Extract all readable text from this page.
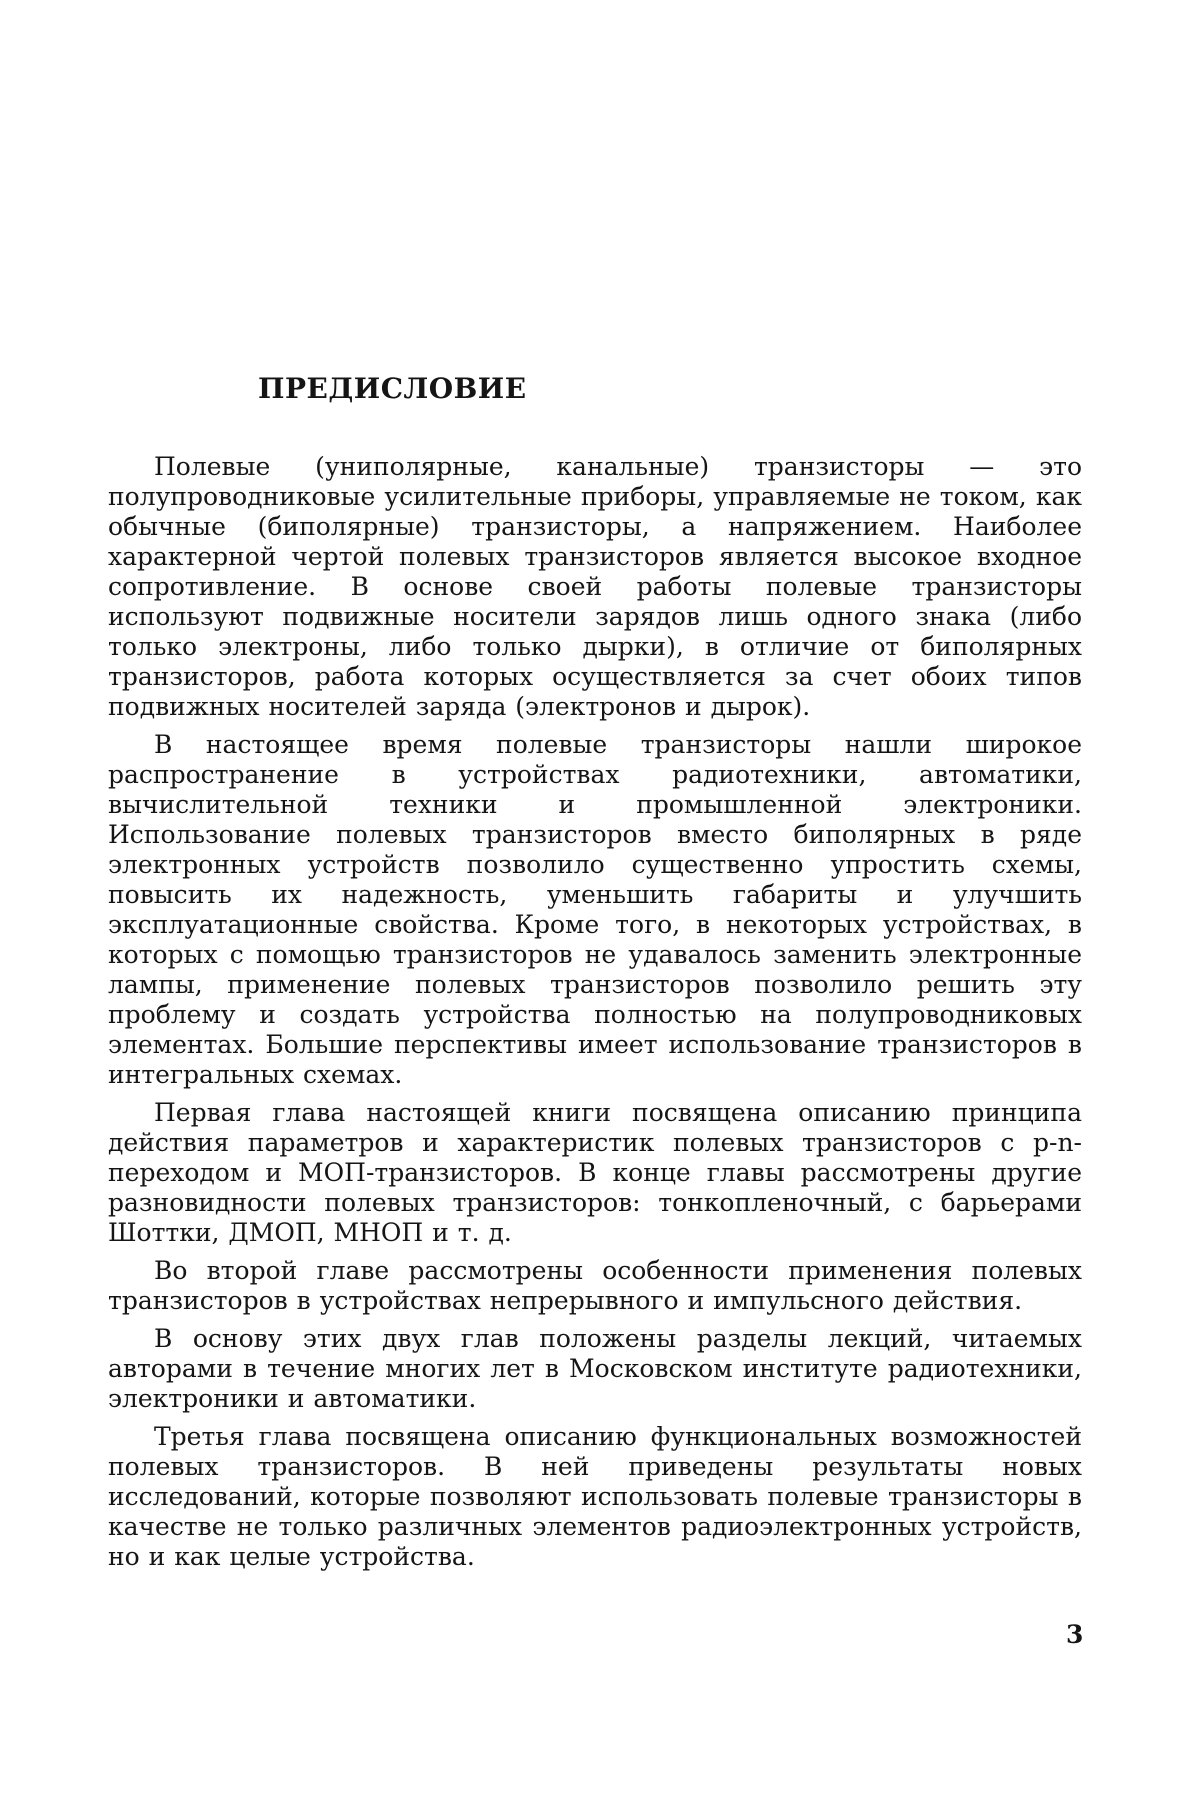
ПРЕДИСЛОВИЕ

Полевые (униполярные, канальные) транзисторы — это полупроводниковые усилительные приборы, управляемые не током, как обычные (биполярные) транзисторы, а напряжением. Наиболее характерной чертой полевых транзисторов является высокое входное сопротивление. В основе своей работы полевые транзисторы используют подвижные носители зарядов лишь одного знака (либо только электроны, либо только дырки), в отличие от биполярных транзисторов, работа которых осуществляется за счет обоих типов подвижных носителей заряда (электронов и дырок).

В настоящее время полевые транзисторы нашли широкое распространение в устройствах радиотехники, автоматики, вычислительной техники и промышленной электроники. Использование полевых транзисторов вместо биполярных в ряде электронных устройств позволило существенно упростить схемы, повысить их надежность, уменьшить габариты и улучшить эксплуатационные свойства. Кроме того, в некоторых устройствах, в которых с помощью транзисторов не удавалось заменить электронные лампы, применение полевых транзисторов позволило решить эту проблему и создать устройства полностью на полупроводниковых элементах. Большие перспективы имеет использование транзисторов в интегральных схемах.

Первая глава настоящей книги посвящена описанию принципа действия параметров и характеристик полевых транзисторов с p-n-переходом и МОП-транзисторов. В конце главы рассмотрены другие разновидности полевых транзисторов: тонкопленочный, с барьерами Шоттки, ДМОП, МНОП и т. д.

Во второй главе рассмотрены особенности применения полевых транзисторов в устройствах непрерывного и импульсного действия.

В основу этих двух глав положены разделы лекций, читаемых авторами в течение многих лет в Московском институте радиотехники, электроники и автоматики.

Третья глава посвящена описанию функциональных возможностей полевых транзисторов. В ней приведены результаты новых исследований, которые позволяют использовать полевые транзисторы в качестве не только различных элементов радиоэлектронных устройств, но и как целые устройства.

3
